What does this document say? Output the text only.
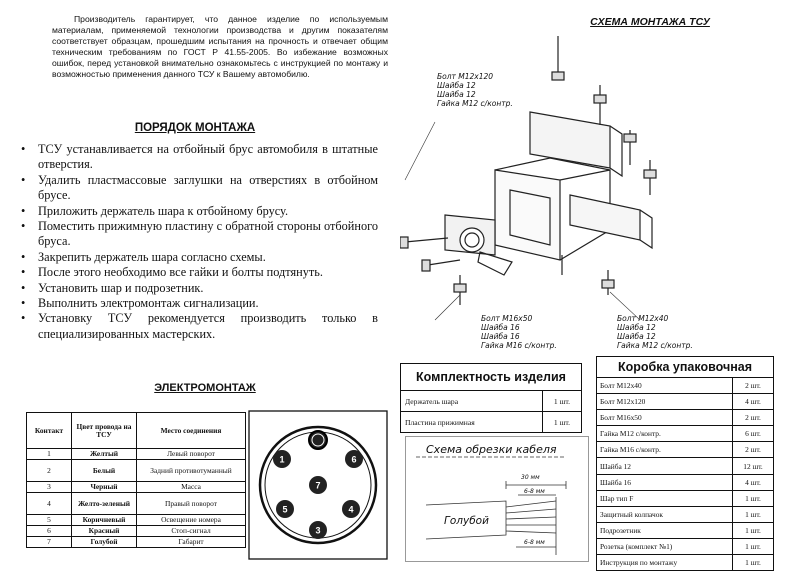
Производитель гарантирует, что данное изделие по используемым материалам, применяемой технологии производства и другим показателям соответствует образцам, прошедшим испытания на прочность и отвечает общим техническим требованиям по ГОСТ Р 41.55-2005. Во избежание возможных ошибок, перед установкой внимательно ознакомьтесь с инструкцией по монтажу и возможностью применения данного ТСУ к Вашему автомобилю.
ПОРЯДОК МОНТАЖА
• ТСУ устанавливается на отбойный брус автомобиля в штатные отверстия.
• Удалить пластмассовые заглушки на отверстиях в отбойном брусе.
• Приложить держатель шара к отбойному брусу.
• Поместить прижимную пластину с обратной стороны отбойного бруса.
• Закрепить держатель шара согласно схемы.
• После этого необходимо все гайки и болты подтянуть.
• Установить шар и подрозетник.
• Выполнить электромонтаж сигнализации.
• Установку ТСУ рекомендуется производить только в специализированных мастерских.
ЭЛЕКТРОМОНТАЖ
Контакт	Цвет провода на ТСУ	Место соединения
1	Желтый	Левый поворот
2	Белый	Задний противотуманный
3	Черный	Масса
4	Желто-зеленый	Правый поворот
5	Коричневый	Освещение номера
6	Красный	Стоп-сигнал
7	Голубой	Габарит
1	6
7
5	4
3
СХЕМА МОНТАЖА ТСУ
Болт M12x120
Шайба 12
Шайба 12
Гайка M12 с/контр.
Болт M16x50
Шайба 16
Шайба 16
Гайка M16 с/контр.
Болт M12x40
Шайба 12
Шайба 12
Гайка M12 с/контр.
Комплектность изделия
Держатель шара	1 шт.
Пластина прижимная	1 шт.
Схема обрезки кабеля
30 мм
6-8 мм
6-8 мм
Голубой
Коробка упаковочная
Болт M12x40	2 шт.
Болт M12x120	4 шт.
Болт M16x50	2 шт.
Гайка M12 с/контр.	6 шт.
Гайка M16 с/контр.	2 шт.
Шайба 12	12 шт.
Шайба 16	4 шт.
Шар тип F	1 шт.
Защитный колпачок	1 шт.
Подрозетник	1 шт.
Розетка (комплект №1)	1 шт.
Инструкция по монтажу	1 шт.
